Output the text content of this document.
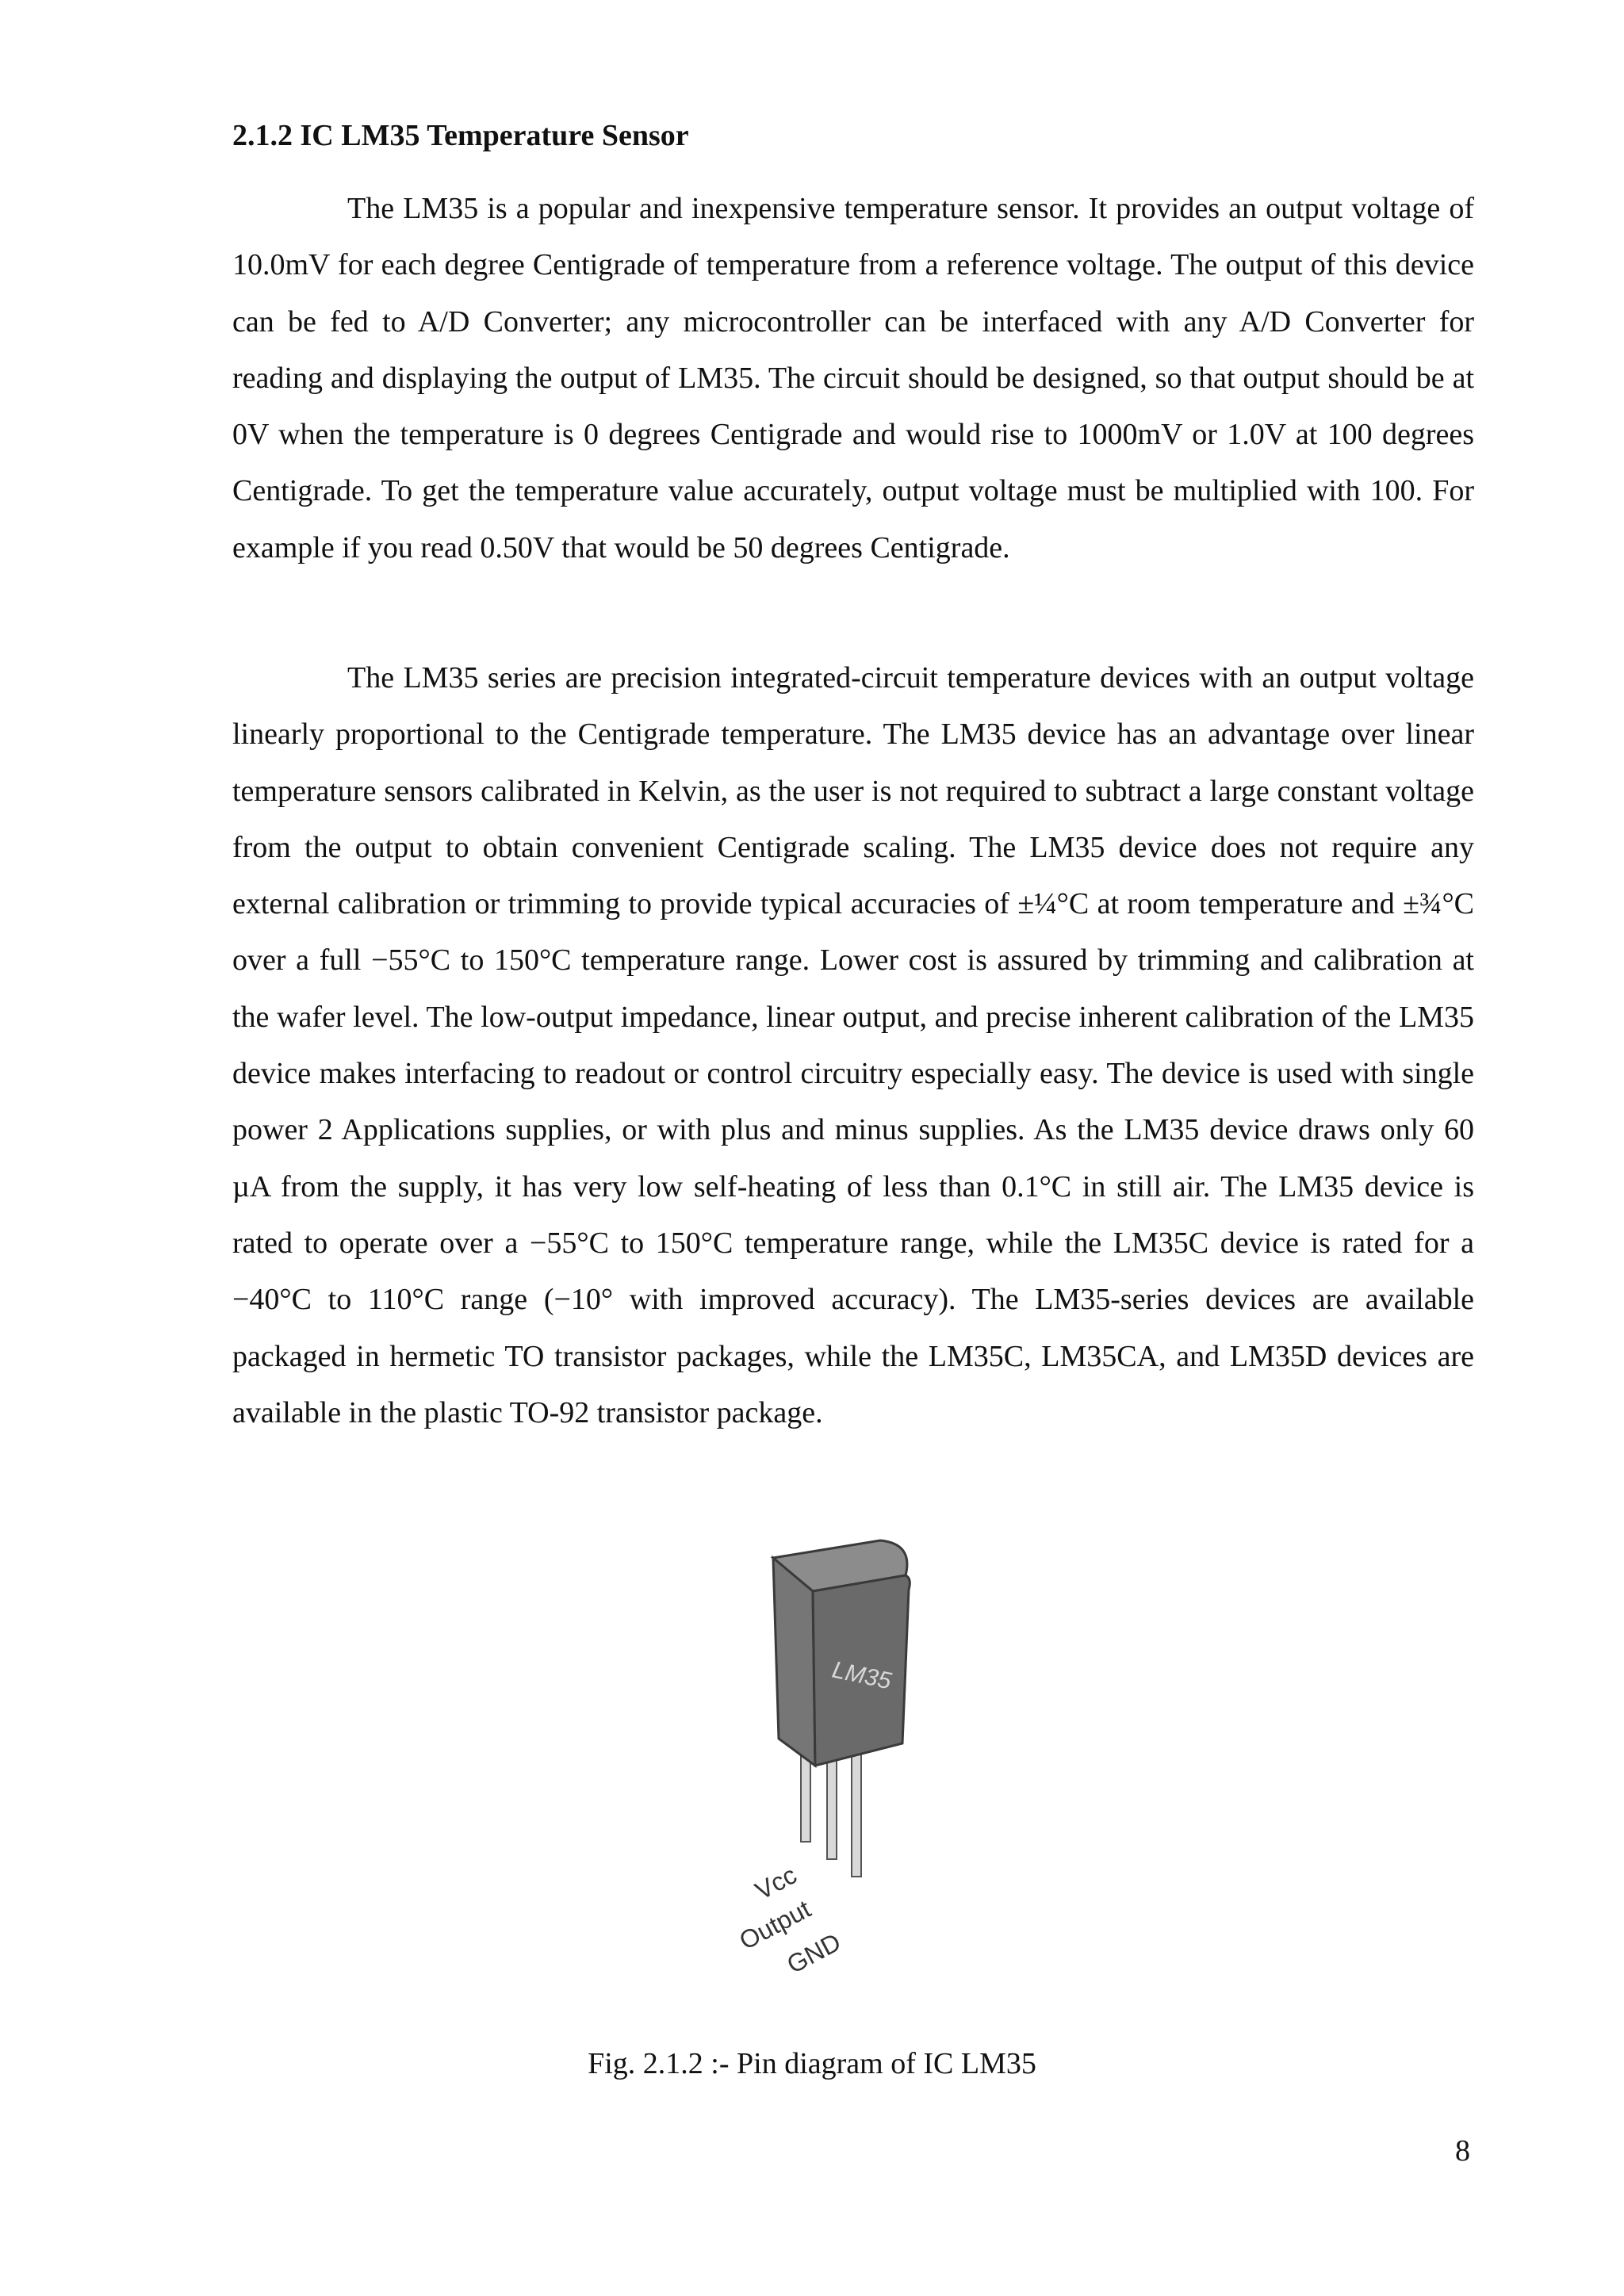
2.1.2 IC LM35 Temperature Sensor

The LM35 is a popular and inexpensive temperature sensor. It provides an output voltage of 10.0mV for each degree Centigrade of temperature from a reference voltage. The output of this device can be fed to A/D Converter; any microcontroller can be interfaced with any A/D Converter for reading and displaying the output of LM35. The circuit should be designed, so that output should be at 0V when the temperature is 0 degrees Centigrade and would rise to 1000mV or 1.0V at 100 degrees Centigrade. To get the temperature value accurately, output voltage must be multiplied with 100. For example if you read 0.50V that would be 50 degrees Centigrade.

The LM35 series are precision integrated-circuit temperature devices with an output voltage linearly proportional to the Centigrade temperature. The LM35 device has an advantage over linear temperature sensors calibrated in Kelvin, as the user is not required to subtract a large constant voltage from the output to obtain convenient Centigrade scaling. The LM35 device does not require any external calibration or trimming to provide typical accuracies of ±¼°C at room temperature and ±¾°C over a full −55°C to 150°C temperature range. Lower cost is assured by trimming and calibration at the wafer level. The low-output impedance, linear output, and precise inherent calibration of the LM35 device makes interfacing to readout or control circuitry especially easy. The device is used with single power 2 Applications supplies, or with plus and minus supplies. As the LM35 device draws only 60 µA from the supply, it has very low self-heating of less than 0.1°C in still air. The LM35 device is rated to operate over a −55°C to 150°C temperature range, while the LM35C device is rated for a −40°C to 110°C range (−10° with improved accuracy). The LM35-series devices are available packaged in hermetic TO transistor packages, while the LM35C, LM35CA, and LM35D devices are available in the plastic TO-92 transistor package.

LM35
Vcc
Output
GND
Fig. 2.1.2 :- Pin diagram of IC LM35
8
